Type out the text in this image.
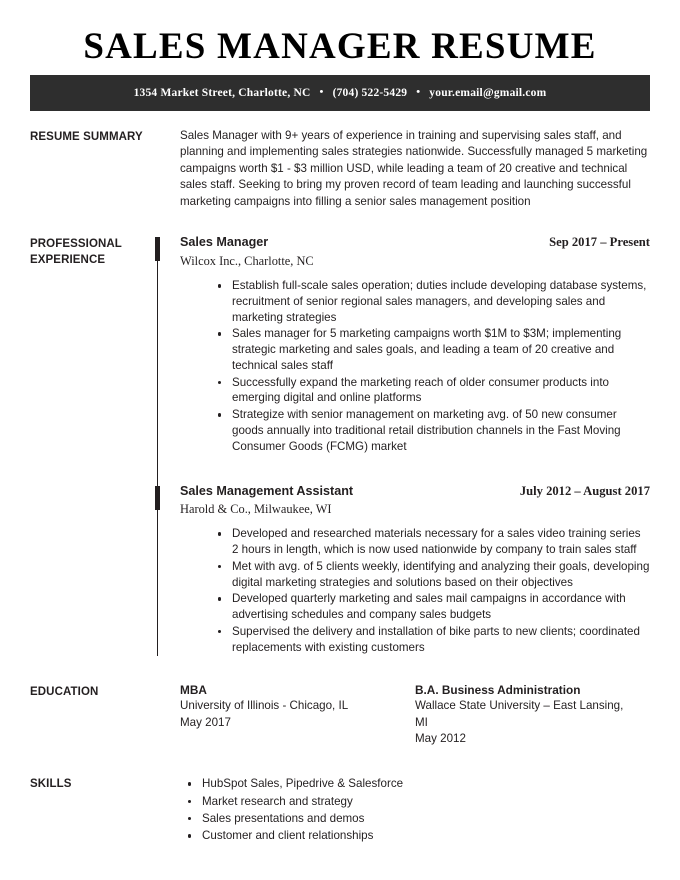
SALES MANAGER RESUME
1354 Market Street, Charlotte, NC • (704) 522-5429 • your.email@gmail.com
RESUME SUMMARY	Sales Manager with 9+ years of experience in training and supervising sales staff, and planning and implementing sales strategies nationwide. Successfully managed 5 marketing campaigns worth $1 - $3 million USD, while leading a team of 20 creative and technical sales staff. Seeking to bring my proven record of team leading and launching successful marketing campaigns into filling a senior sales management position

PROFESSIONAL
EXPERIENCE
Sales Manager	Sep 2017 – Present
Wilcox Inc., Charlotte, NC
Establish full-scale sales operation; duties include developing database systems, recruitment of senior regional sales managers, and developing sales and marketing strategies
Sales manager for 5 marketing campaigns worth $1M to $3M; implementing strategic marketing and sales goals, and leading a team of 20 creative and technical sales staff
Successfully expand the marketing reach of older consumer products into emerging digital and online platforms
Strategize with senior management on marketing avg. of 50 new consumer goods annually into traditional retail distribution channels in the Fast Moving Consumer Goods (FCMG) market
Sales Management Assistant	July 2012 – August 2017
Harold & Co., Milwaukee, WI
Developed and researched materials necessary for a sales video training series 2 hours in length, which is now used nationwide by company to train sales staff
Met with avg. of 5 clients weekly, identifying and analyzing their goals, developing digital marketing strategies and solutions based on their objectives
Developed quarterly marketing and sales mail campaigns in accordance with advertising schedules and company sales budgets
Supervised the delivery and installation of bike parts to new clients; coordinated replacements with existing customers
EDUCATION	MBA
University of Illinois - Chicago, IL
May 2017
B.A. Business Administration
Wallace State University – East Lansing, MI
May 2012
SKILLS	HubSpot Sales, Pipedrive & Salesforce
Market research and strategy
Sales presentations and demos
Customer and client relationships
